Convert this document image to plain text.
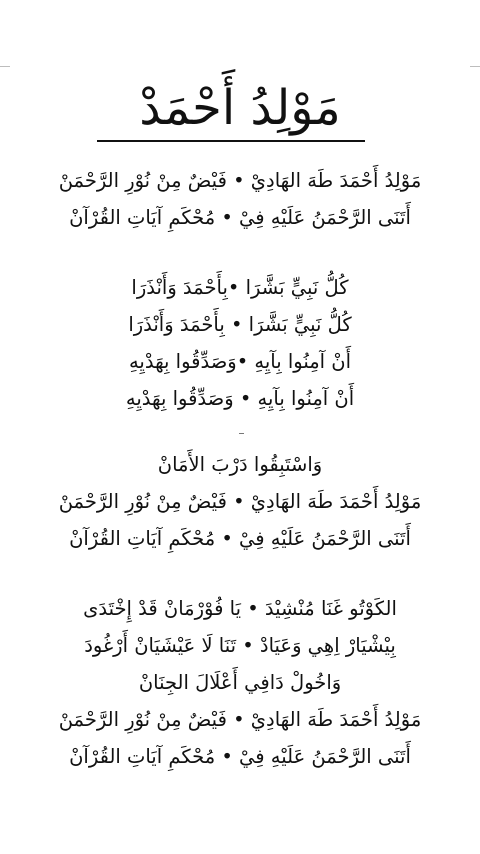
مَوْلِدُ أَحْمَدْ
مَوْلِدُ أَحْمَدَ طَهَ الهَادِيْ • فَيْضٌ مِنْ نُوْرِ الرَّحْمَنْ
أَتَنَى الرَّحْمَنُ عَلَيْهِ فِيْ • مُحْكَمِ آيَاتِ القُرْآنْ
كُلُّ نَبِيٍّ بَشَّرَا •بِأَحْمَدَ وَأَنْذَرَا
كُلُّ نَبِيٍّ بَشَّرَا • بِأَحْمَدَ وَأَنْذَرَا
أَنْ آمِنُوا بِآيِهِ •وَصَدِّقُوا بِهَدْيِهِ
أَنْ آمِنُوا بِآيِهِ • وَصَدِّقُوا بِهَدْيِهِ
وَاسْتَبِقُوا دَرْبَ الأَمَانْ
مَوْلِدُ أَحْمَدَ طَهَ الهَادِيْ • فَيْضٌ مِنْ نُوْرِ الرَّحْمَنْ
أَتَنَى الرَّحْمَنُ عَلَيْهِ فِيْ • مُحْكَمِ آيَاتِ القُرْآنْ
الكَوْتُو غَنَا مُنْشِيْدَ • يَا فُوْرْمَانْ قَدْ إِخْتَدَى
بِيْشْيَارْ اِهِي وَعَيَادْ • تَنَا لَا عَيْشَيَانْ أَرْغُودَ
وَاخُولْ دَافِي أَعْلَالَ الجِنَانْ
مَوْلِدُ أَحْمَدَ طَهَ الهَادِيْ • فَيْضٌ مِنْ نُوْرِ الرَّحْمَنْ
أَتَنَى الرَّحْمَنُ عَلَيْهِ فِيْ • مُحْكَمِ آيَاتِ القُرْآنْ
